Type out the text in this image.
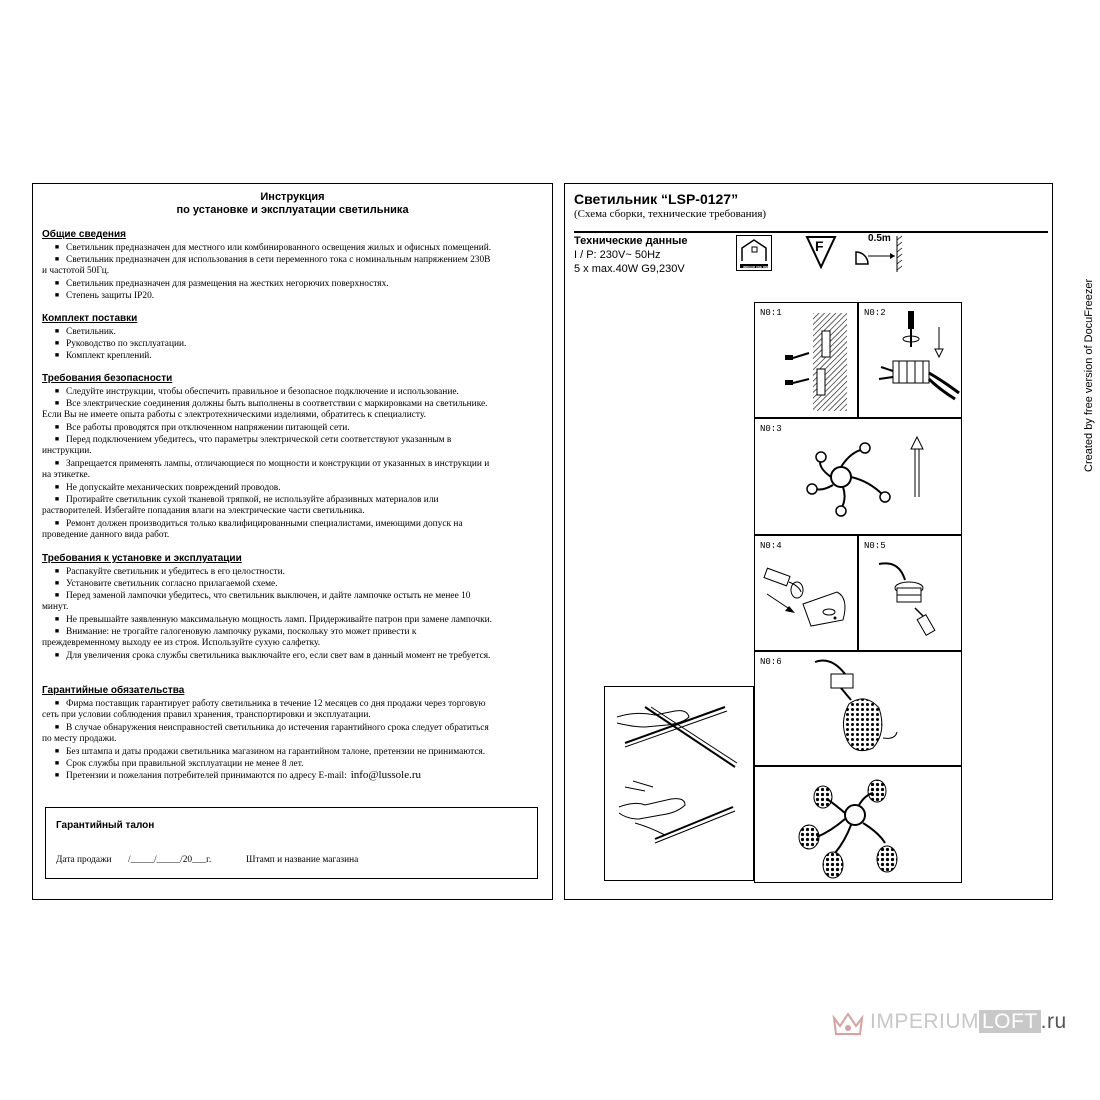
Инструкция
по установке и эксплуатации светильника
Общие сведения
■ Светильник предназначен для местного или комбинированного освещения жилых и офисных помещений.
■ Светильник предназначен для использования в сети переменного тока с номинальным напряжением 230В
и частотой 50Гц.
■ Светильник предназначен для размещения на жестких негорючих поверхностях.
■ Степень защиты IP20.
Комплект поставки
■ Светильник.
■ Руководство по эксплуатации.
■ Комплект креплений.
Требования безопасности
■ Следуйте инструкции, чтобы обеспечить правильное и безопасное подключение и использование.
■ Все электрические соединения должны быть выполнены в соответствии с маркировками на светильнике.
Если Вы не имеете опыта работы с электротехническими изделиями, обратитесь к специалисту.
■ Все работы проводятся при отключенном напряжении питающей сети.
■ Перед подключением убедитесь, что параметры электрической сети соответствуют указанным в
инструкции.
■ Запрещается применять лампы, отличающиеся по мощности и конструкции от указанных в инструкции и
на этикетке.
■ Не допускайте механических повреждений проводов.
■ Протирайте светильник сухой тканевой тряпкой, не используйте абразивных материалов или
растворителей. Избегайте попадания влаги на электрические части светильника.
■ Ремонт должен производиться только квалифицированными специалистами, имеющими допуск на
проведение данного вида работ.
Требования к установке и эксплуатации
■ Распакуйте светильник и убедитесь в его целостности.
■ Установите светильник согласно прилагаемой схеме.
■ Перед заменой лампочки убедитесь, что светильник выключен, и дайте лампочке остыть не менее 10
минут.
■ Не превышайте заявленную максимальную мощность ламп. Придерживайте патрон при замене лампочки.
■ Внимание: не трогайте галогеновую лампочку руками, поскольку это может привести к
преждевременному выходу ее из строя. Используйте сухую салфетку.
■ Для увеличения срока службы светильника выключайте его, если свет вам в данный момент не требуется.
Гарантийные обязательства
■ Фирма поставщик гарантирует работу светильника в течение 12 месяцев со дня продажи через торговую
сеть при условии соблюдения правил хранения, транспортировки и эксплуатации.
■ В случае обнаружения неисправностей светильника до истечения гарантийного срока следует обратиться
по месту продажи.
■ Без штампа и даты продажи светильника магазином на гарантийном талоне, претензии не принимаются.
■ Срок службы при правильной эксплуатации не менее 8 лет.
■ Претензии и пожелания потребителей принимаются по адресу E-mail: info@lussole.ru
Гарантийный талон
Дата продажи /_____/_____/20___г.	Штамп и название магазина
Светильник “LSP-0127”
(Схема сборки, технические требования)
Технические данные
I / P: 230V~ 50Hz
5 x max.40W G9,230V	INDOOR USE ONLY
F	0.5m
N0:1	N0:2
N0:3
N0:4	N0:5
N0:6
Created by free version of DocuFreezer
IMPERIUM LOFT .ru
